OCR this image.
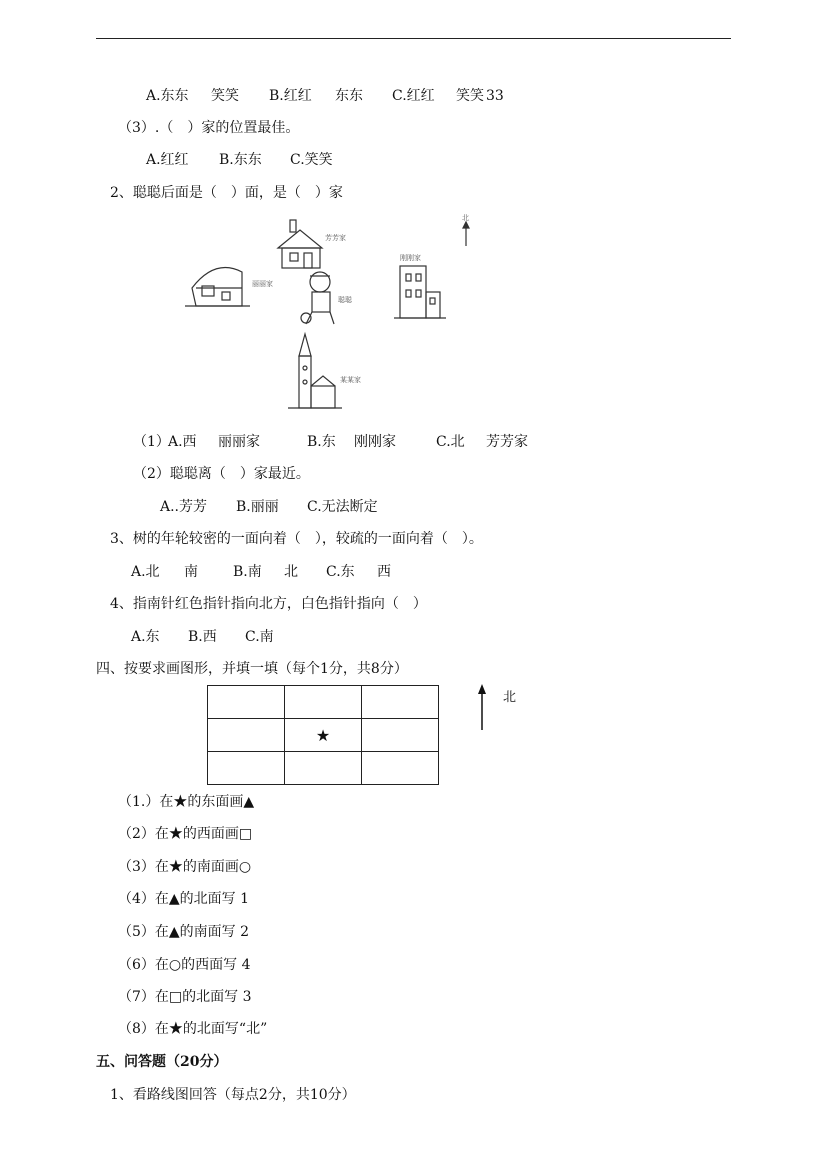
A.东东 笑笑 B.红红 东东 C.红红 笑笑 33
（3）.（　）家的位置最佳。
A.红红 B.东东 C.笑笑
2、聪聪后面是（　）面，是（　）家
芳芳家
丽丽家
刚刚家
聪聪
某某家
北
（1）
A.西 丽丽家	B.东 刚刚家	C.北 芳芳家
（2）聪聪离（　）家最近。
A..芳芳 B.丽丽 C.无法断定
3、树的年轮较密的一面向着（　），较疏的一面向着（　）。
A.北 南	B.南 北 C.东 西
4、指南针红色指针指向北方，白色指针指向（　）
A.东 B.西 C.南
四、按要求画图形，并填一填（每个1分，共8分）

	★	

北
（1.）在★的东面画▲
（2）在★的西面画□
（3）在★的南面画○
（4）在▲的北面写 1
（5）在▲的南面写 2
（6）在○的西面写 4
（7）在□的北面写 3
（8）在★的北面写“北”
五、问答题（20分）
1、看路线图回答（每点2分，共10分）
